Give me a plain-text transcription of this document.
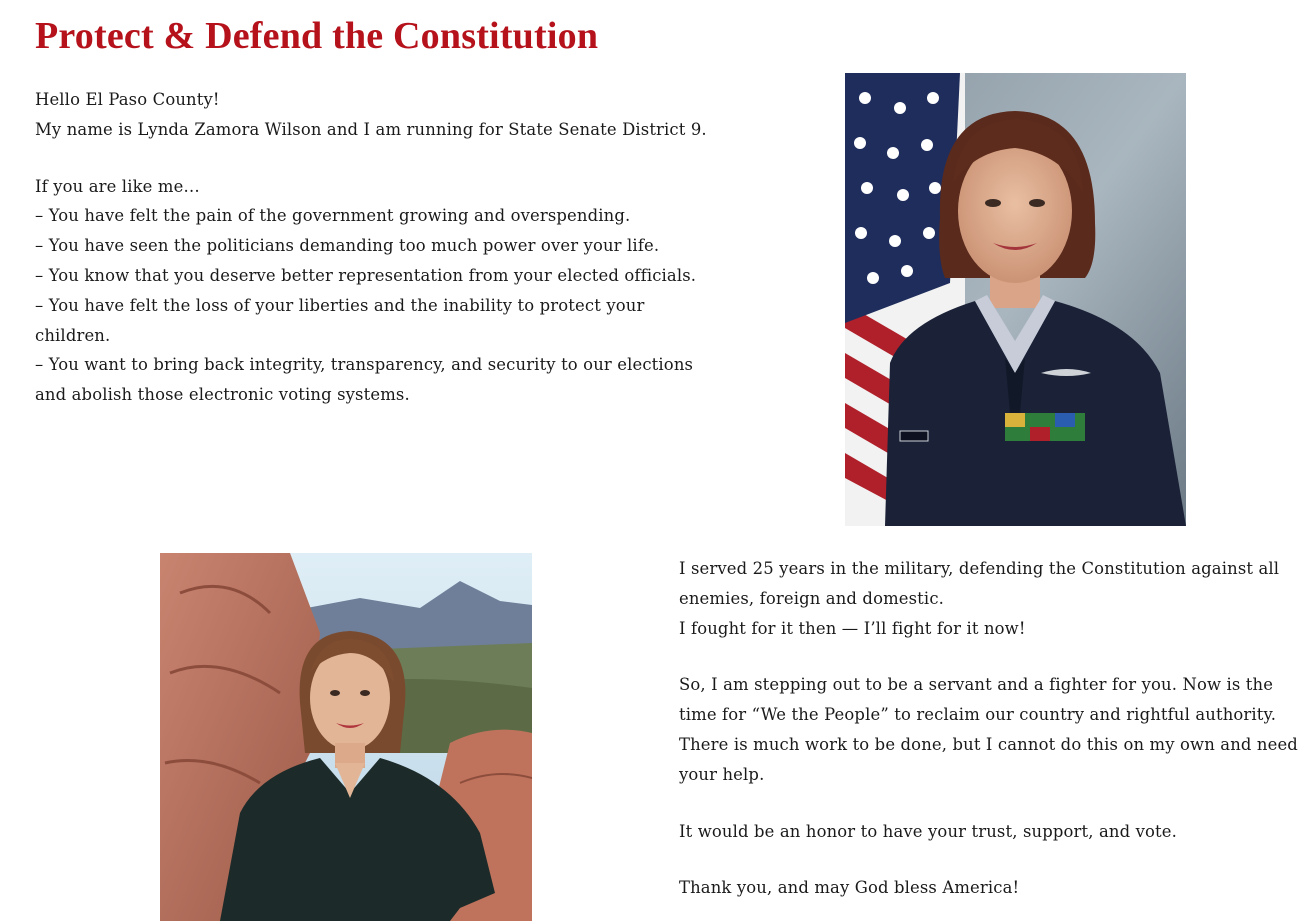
Protect & Defend the Constitution

Hello El Paso County!
My name is Lynda Zamora Wilson and I am running for State Senate District 9.

If you are like me…
– You have felt the pain of the government growing and overspending.
– You have seen the politicians demanding too much power over your life.
– You know that you deserve better representation from your elected officials.
– You have felt the loss of your liberties and the inability to protect your children.
– You want to bring back integrity, transparency, and security to our elections and abolish those electronic voting systems.

I served 25 years in the military, defending the Constitution against all enemies, foreign and domestic.
I fought for it then — I’ll fight for it now!

So, I am stepping out to be a servant and a fighter for you. Now is the time for “We the People” to reclaim our country and rightful authority. There is much work to be done, but I cannot do this on my own and need your help.

It would be an honor to have your trust, support, and vote.

Thank you, and may God bless America!
